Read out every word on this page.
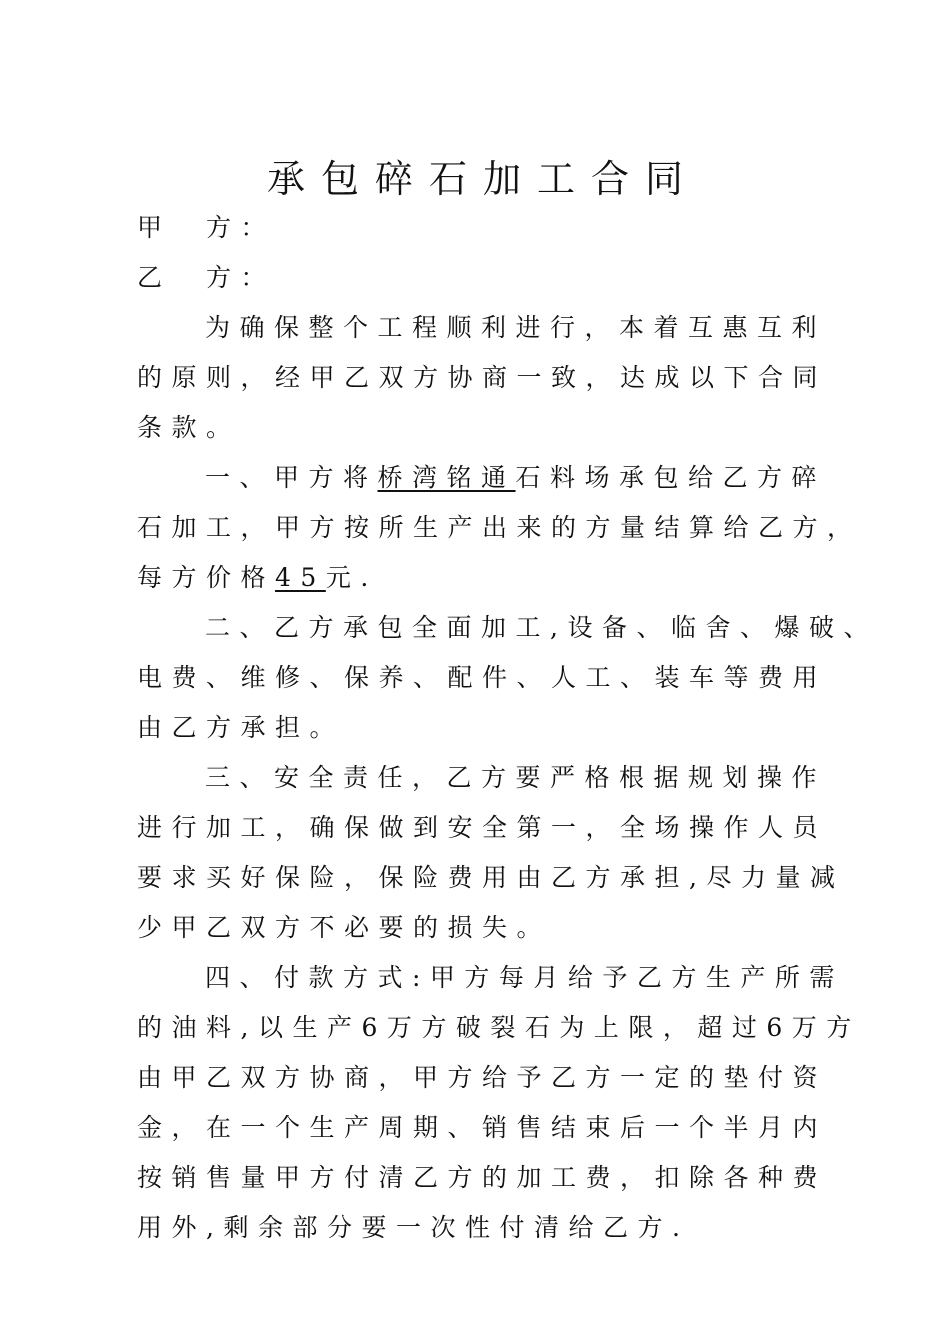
承包碎石加工合同
甲　方：
乙　方：
为确保整个工程顺利进行，本着互惠互利
的原则，经甲乙双方协商一致，达成以下合同
条款。
一、甲方将桥湾铭通石料场承包给乙方碎
石加工，甲方按所生产出来的方量结算给乙方，
每方价格45元.
二、乙方承包全面加工,设备、临舍、爆破、
电费、维修、保养、配件、人工、装车等费用
由乙方承担。
三、安全责任，乙方要严格根据规划操作
进行加工，确保做到安全第一，全场操作人员
要求买好保险，保险费用由乙方承担,尽力量减
少甲乙双方不必要的损失。
四、付款方式:甲方每月给予乙方生产所需
的油料,以生产6万方破裂石为上限，超过6万方
由甲乙双方协商，甲方给予乙方一定的垫付资
金，在一个生产周期、销售结束后一个半月内
按销售量甲方付清乙方的加工费，扣除各种费
用外,剩余部分要一次性付清给乙方.
